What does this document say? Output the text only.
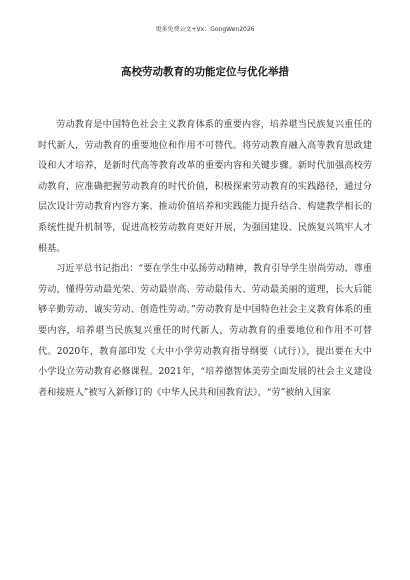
更多免费公文+Vx：GongWen2026
高校劳动教育的功能定位与优化举措

劳动教育是中国特色社会主义教育体系的重要内容，培养堪当民族复兴重任的时代新人，劳动教育的重要地位和作用不可替代。将劳动教育融入高等教育思政建设和人才培养，是新时代高等教育改革的重要内容和关键步骤。新时代加强高校劳动教育，应准确把握劳动教育的时代价值，积极探索劳动教育的实践路径，通过分层次设计劳动教育内容方案、推动价值培养和实践能力提升结合、构建教学相长的系统性提升机制等，促进高校劳动教育更好开展，为强国建设、民族复兴筑牢人才根基。

习近平总书记指出：“要在学生中弘扬劳动精神，教育引导学生崇尚劳动、尊重劳动，懂得劳动最光荣、劳动最崇高、劳动最伟大、劳动最美丽的道理，长大后能够辛勤劳动、诚实劳动、创造性劳动。”劳动教育是中国特色社会主义教育体系的重要内容，培养堪当民族复兴重任的时代新人，劳动教育的重要地位和作用不可替代。2020年，教育部印发《大中小学劳动教育指导纲要（试行）》，提出要在大中小学设立劳动教育必修课程。2021年，“培养德智体美劳全面发展的社会主义建设者和接班人”被写入新修订的《中华人民共和国教育法》，“劳”被纳入国家
